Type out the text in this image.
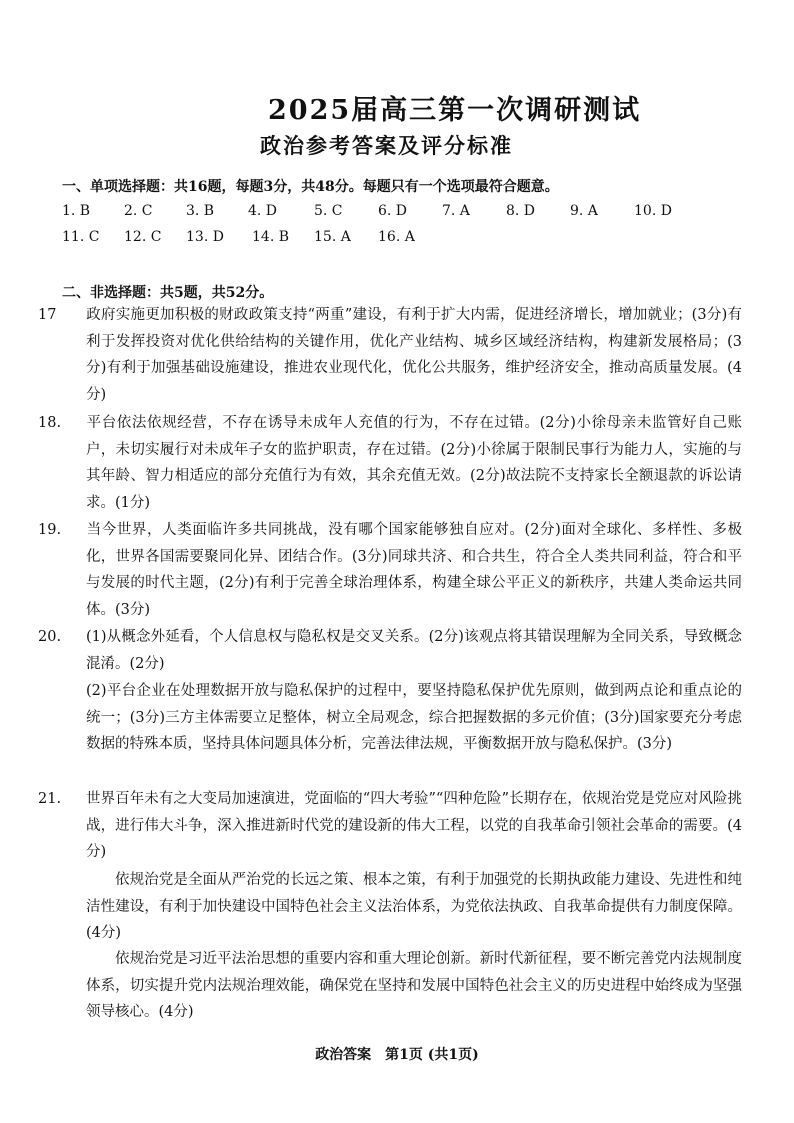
2025届高三第一次调研测试
政治参考答案及评分标准
一、单项选择题：共16题，每题3分，共48分。每题只有一个选项最符合题意。
1. B 2. C 3. B 4. D	5. C	6. D 7. A	8. D 9. A	10. D
11. C 12. C 13. D 14. B 15. A 16. A
二、非选择题：共5题，共52分。
17 政府实施更加积极的财政政策支持“两重”建设，有利于扩大内需，促进经济增长，增加就业；(3分)有利于发挥投资对优化供给结构的关键作用，优化产业结构、城乡区域经济结构，构建新发展格局；(3分)有利于加强基础设施建设，推进农业现代化，优化公共服务，维护经济安全，推动高质量发展。(4分)
18. 平台依法依规经营，不存在诱导未成年人充值的行为，不存在过错。(2分)小徐母亲未监管好自己账户，未切实履行对未成年子女的监护职责，存在过错。(2分)小徐属于限制民事行为能力人，实施的与其年龄、智力相适应的部分充值行为有效，其余充值无效。(2分)故法院不支持家长全额退款的诉讼请求。(1分)
19. 当今世界，人类面临许多共同挑战，没有哪个国家能够独自应对。(2分)面对全球化、多样性、多极化，世界各国需要聚同化异、团结合作。(3分)同球共济、和合共生，符合全人类共同利益，符合和平与发展的时代主题，(2分)有利于完善全球治理体系，构建全球公平正义的新秩序，共建人类命运共同体。(3分)
20. (1)从概念外延看，个人信息权与隐私权是交叉关系。(2分)该观点将其错误理解为全同关系，导致概念混淆。(2分)
(2)平台企业在处理数据开放与隐私保护的过程中，要坚持隐私保护优先原则，做到两点论和重点论的统一；(3分)三方主体需要立足整体，树立全局观念，综合把握数据的多元价值；(3分)国家要充分考虑数据的特殊本质，坚持具体问题具体分析，完善法律法规，平衡数据开放与隐私保护。(3分)
21. 世界百年未有之大变局加速演进，党面临的“四大考验”“四种危险”长期存在，依规治党是党应对风险挑战，进行伟大斗争，深入推进新时代党的建设新的伟大工程，以党的自我革命引领社会革命的需要。(4分)
依规治党是全面从严治党的长远之策、根本之策，有利于加强党的长期执政能力建设、先进性和纯洁性建设，有利于加快建设中国特色社会主义法治体系，为党依法执政、自我革命提供有力制度保障。(4分)
依规治党是习近平法治思想的重要内容和重大理论创新。新时代新征程，要不断完善党内法规制度体系，切实提升党内法规治理效能，确保党在坚持和发展中国特色社会主义的历史进程中始终成为坚强领导核心。(4分)
政治答案　第1页 (共1页)
